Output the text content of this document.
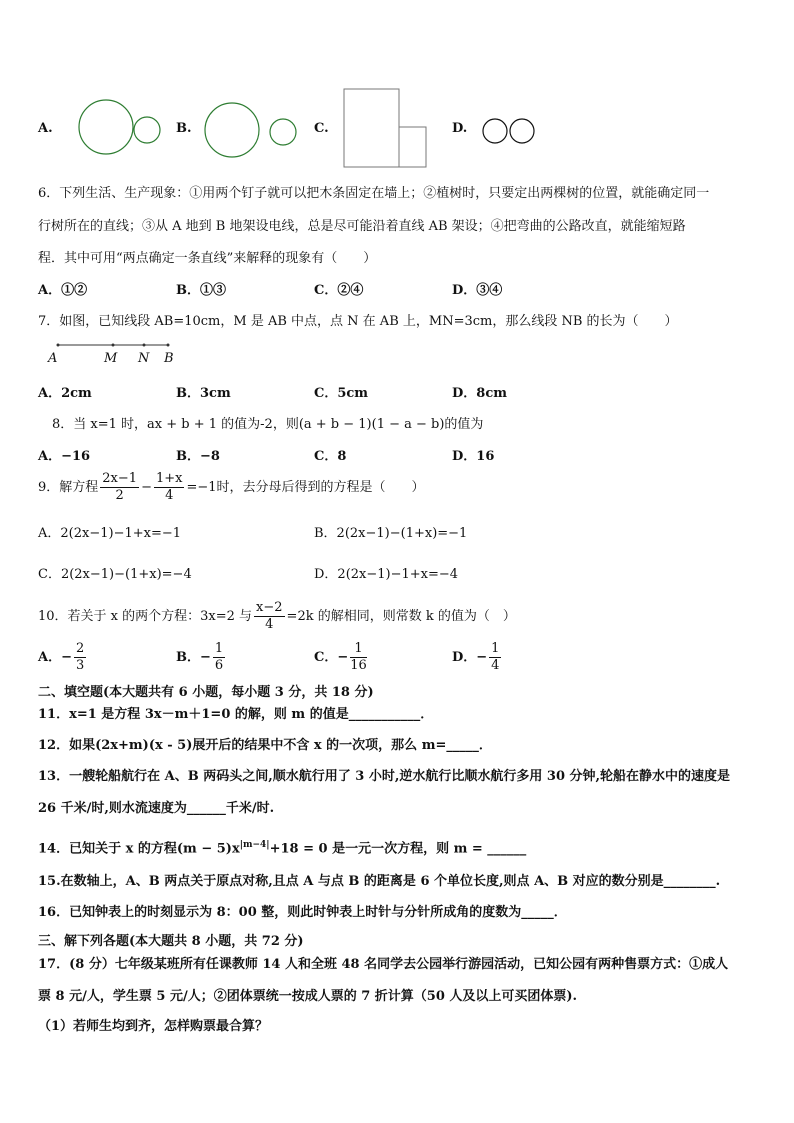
A.	B.	C.	D.
6．下列生活、生产现象：①用两个钉子就可以把木条固定在墙上；②植树时，只要定出两棵树的位置，就能确定同一
行树所在的直线；③从 A 地到 B 地架设电线，总是尽可能沿着直线 AB 架设；④把弯曲的公路改直，就能缩短路
程．其中可用“两点确定一条直线”来解释的现象有（　　）
A．①②	B．①③	C．②④	D．③④
7．如图，已知线段 AB=10cm，M 是 AB 中点，点 N 在 AB 上，MN=3cm，那么线段 NB 的长为（　　）
A	M N B
A．2cm	B．3cm	C．5cm	D．8cm
8．当 x=1 时，ax + b + 1 的值为-2，则(a + b − 1)(1 − a − b)的值为
A．−16	B．−8	C．8	D．16
9．解方程 $\frac{2x-1}{2} - \frac{1+x}{4} =-1$时，去分母后得到的方程是（　　）
A．2(2x−1)−1+x=−1	B．2(2x−1)−(1+x)=−1
C．2(2x−1)−(1+x)=−4	D．2(2x−1)−1+x=−4
10．若关于 x 的两个方程：3x=2 与 $\frac{x-2}{4} =2k$ 的解相同，则常数 k 的值为（　）
A．− $\frac{2}{3}$	B．− $\frac{1}{6}$	C．− $\frac{1}{16}$	D．− $\frac{1}{4}$
二、填空题(本大题共有 6 小题，每小题 3 分，共 18 分)
11．x=1 是方程 3x－m＋1=0 的解，则 m 的值是___________．
12．如果(2x+m)(x - 5)展开后的结果中不含 x 的一次项，那么 m=_____．
13．一艘轮船航行在 A、B 两码头之间,顺水航行用了 3 小时,逆水航行比顺水航行多用 30 分钟,轮船在静水中的速度是
26 千米/时,则水流速度为______千米/时.
14．已知关于 x 的方程$(m - 5)x^{|m-4|}+18 = 0$ 是一元一次方程，则 m = ______
15.在数轴上，A、B 两点关于原点对称,且点 A 与点 B 的距离是 6 个单位长度,则点 A、B 对应的数分别是________.
16．已知钟表上的时刻显示为 8：00 整，则此时钟表上时针与分针所成角的度数为_____．
三、解下列各题(本大题共 8 小题，共 72 分)
17．(8 分）七年级某班所有任课教师 14 人和全班 48 名同学去公园举行游园活动，已知公园有两种售票方式：①成人
票 8 元/人，学生票 5 元/人；②团体票统一按成人票的 7 折计算（50 人及以上可买团体票).
（1）若师生均到齐，怎样购票最合算？
